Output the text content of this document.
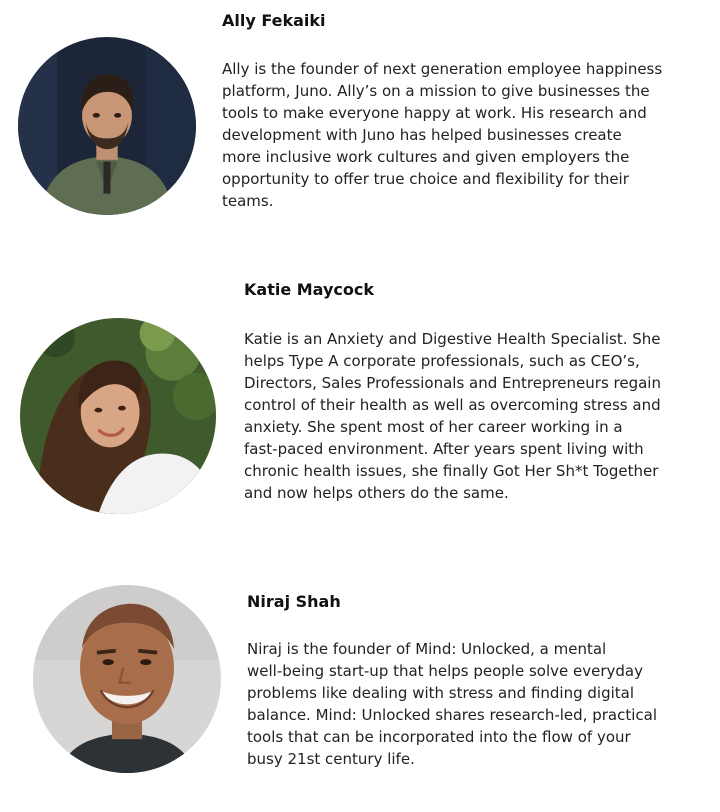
Ally Fekaiki

Ally is the founder of next generation employee happiness
platform, Juno. Ally’s on a mission to give businesses the
tools to make everyone happy at work. His research and
development with Juno has helped businesses create
more inclusive work cultures and given employers the
opportunity to offer true choice and flexibility for their
teams.

Katie Maycock

Katie is an Anxiety and Digestive Health Specialist. She
helps Type A corporate professionals, such as CEO’s,
Directors, Sales Professionals and Entrepreneurs regain
control of their health as well as overcoming stress and
anxiety. She spent most of her career working in a
fast-paced environment. After years spent living with
chronic health issues, she finally Got Her Sh*t Together
and now helps others do the same.

Niraj Shah

Niraj is the founder of Mind: Unlocked, a mental
well-being start-up that helps people solve everyday
problems like dealing with stress and finding digital
balance. Mind: Unlocked shares research-led, practical
tools that can be incorporated into the flow of your
busy 21st century life.
